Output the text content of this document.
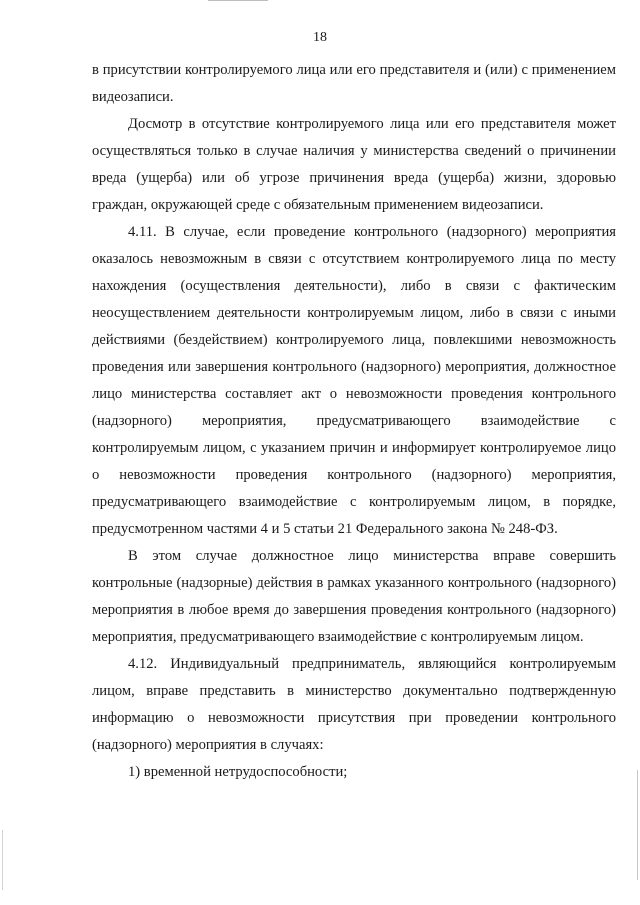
18

в присутствии контролируемого лица или его представителя и (или) с применением видеозаписи.

Досмотр в отсутствие контролируемого лица или его представителя может осуществляться только в случае наличия у министерства сведений о причинении вреда (ущерба) или об угрозе причинения вреда (ущерба) жизни, здоровью граждан, окружающей среде с обязательным применением видеозаписи.

4.11. В случае, если проведение контрольного (надзорного) мероприятия оказалось невозможным в связи с отсутствием контролируемого лица по месту нахождения (осуществления деятельности), либо в связи с фактическим неосуществлением деятельности контролируемым лицом, либо в связи с иными действиями (бездействием) контролируемого лица, повлекшими невозможность проведения или завершения контрольного (надзорного) мероприятия, должностное лицо министерства составляет акт о невозможности проведения контрольного (надзорного) мероприятия, предусматривающего взаимодействие с контролируемым лицом, с указанием причин и информирует контролируемое лицо о невозможности проведения контрольного (надзорного) мероприятия, предусматривающего взаимодействие с контролируемым лицом, в порядке, предусмотренном частями 4 и 5 статьи 21 Федерального закона № 248-ФЗ.

В этом случае должностное лицо министерства вправе совершить контрольные (надзорные) действия в рамках указанного контрольного (надзорного) мероприятия в любое время до завершения проведения контрольного (надзорного) мероприятия, предусматривающего взаимодействие с контролируемым лицом.

4.12. Индивидуальный предприниматель, являющийся контролируемым лицом, вправе представить в министерство документально подтвержденную информацию о невозможности присутствия при проведении контрольного (надзорного) мероприятия в случаях:

1) временной нетрудоспособности;
